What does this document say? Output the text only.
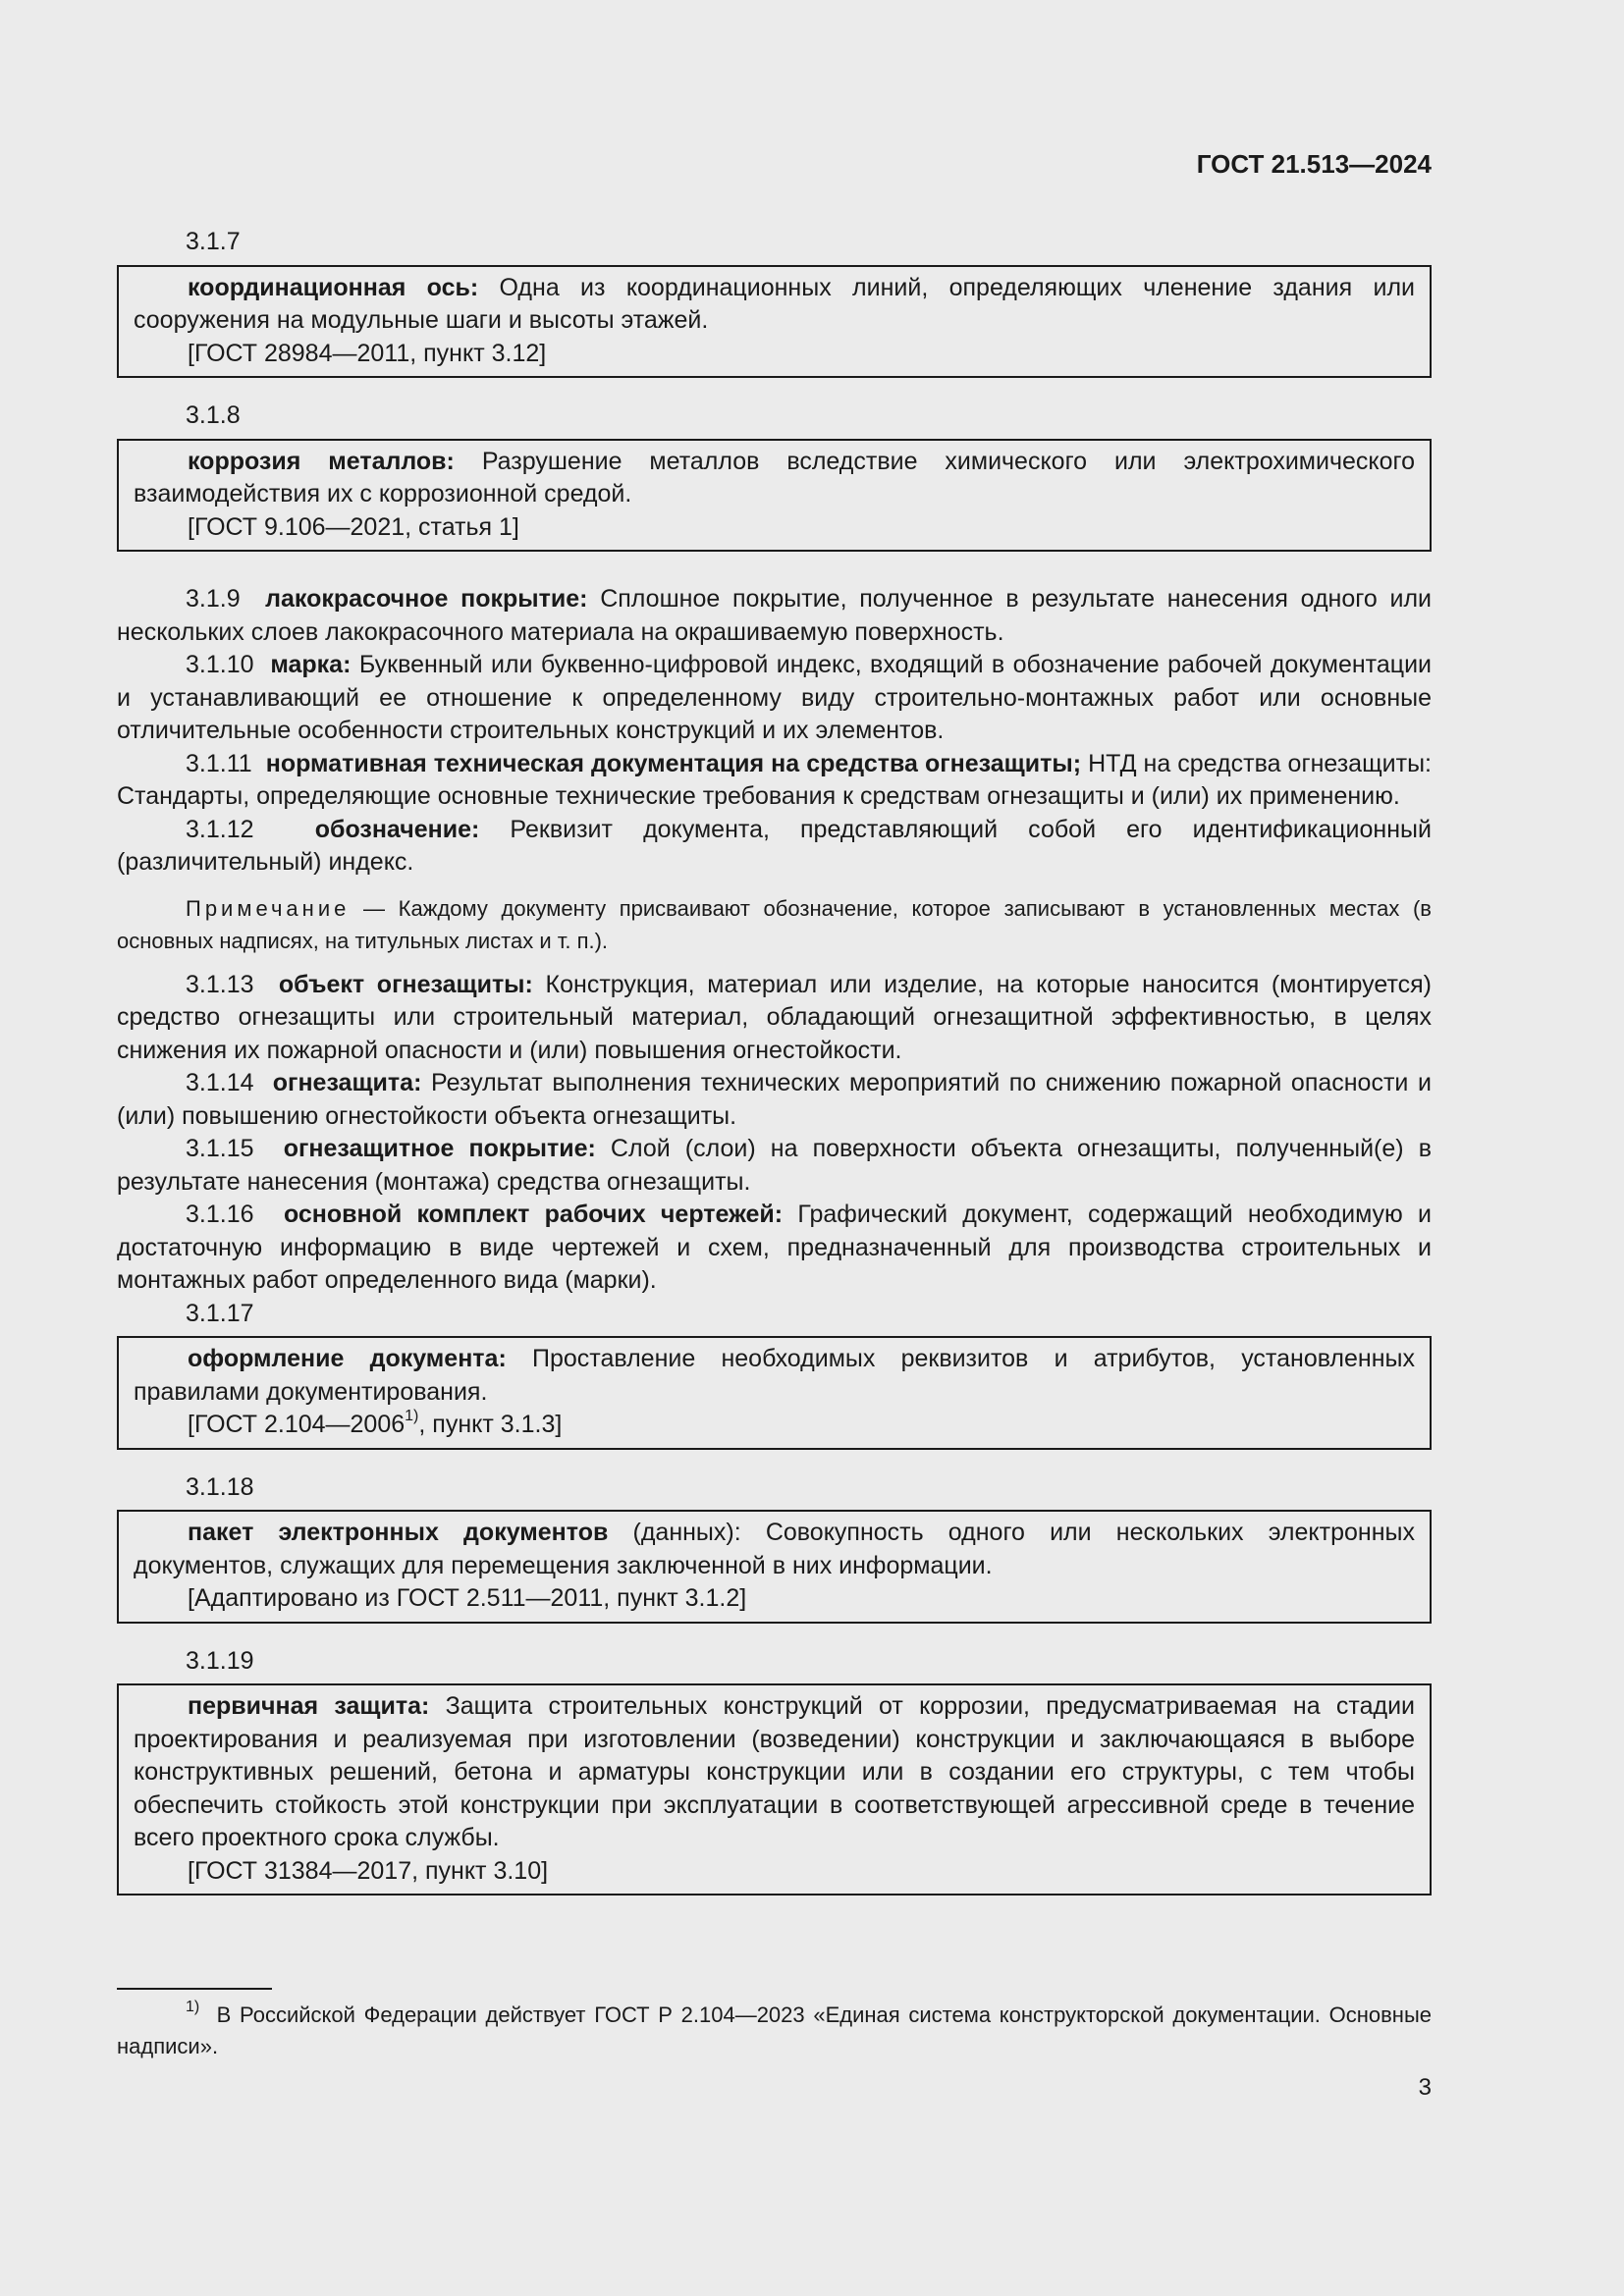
ГОСТ 21.513—2024
3.1.7
координационная ось: Одна из координационных линий, определяющих членение здания или сооружения на модульные шаги и высоты этажей.
[ГОСТ 28984—2011, пункт 3.12]
3.1.8
коррозия металлов: Разрушение металлов вследствие химического или электрохимического взаимодействия их с коррозионной средой.
[ГОСТ 9.106—2021, статья 1]
3.1.9 лакокрасочное покрытие: Сплошное покрытие, полученное в результате нанесения одного или нескольких слоев лакокрасочного материала на окрашиваемую поверхность.
3.1.10 марка: Буквенный или буквенно-цифровой индекс, входящий в обозначение рабочей документации и устанавливающий ее отношение к определенному виду строительно-монтажных работ или основные отличительные особенности строительных конструкций и их элементов.
3.1.11 нормативная техническая документация на средства огнезащиты; НТД на средства огнезащиты: Стандарты, определяющие основные технические требования к средствам огнезащиты и (или) их применению.
3.1.12 обозначение: Реквизит документа, представляющий собой его идентификационный (различительный) индекс.
Примечание — Каждому документу присваивают обозначение, которое записывают в установленных местах (в основных надписях, на титульных листах и т. п.).
3.1.13 объект огнезащиты: Конструкция, материал или изделие, на которые наносится (монтируется) средство огнезащиты или строительный материал, обладающий огнезащитной эффективностью, в целях снижения их пожарной опасности и (или) повышения огнестойкости.
3.1.14 огнезащита: Результат выполнения технических мероприятий по снижению пожарной опасности и (или) повышению огнестойкости объекта огнезащиты.
3.1.15 огнезащитное покрытие: Слой (слои) на поверхности объекта огнезащиты, полученный(е) в результате нанесения (монтажа) средства огнезащиты.
3.1.16 основной комплект рабочих чертежей: Графический документ, содержащий необходимую и достаточную информацию в виде чертежей и схем, предназначенный для производства строительных и монтажных работ определенного вида (марки).
3.1.17
оформление документа: Проставление необходимых реквизитов и атрибутов, установленных правилами документирования.
[ГОСТ 2.104—2006$^{1)}$, пункт 3.1.3]
3.1.18
пакет электронных документов (данных): Совокупность одного или нескольких электронных документов, служащих для перемещения заключенной в них информации.
[Адаптировано из ГОСТ 2.511—2011, пункт 3.1.2]
3.1.19
первичная защита: Защита строительных конструкций от коррозии, предусматриваемая на стадии проектирования и реализуемая при изготовлении (возведении) конструкции и заключающаяся в выборе конструктивных решений, бетона и арматуры конструкции или в создании его структуры, с тем чтобы обеспечить стойкость этой конструкции при эксплуатации в соответствующей агрессивной среде в течение всего проектного срока службы.
[ГОСТ 31384—2017, пункт 3.10]
$^{1)}$ В Российской Федерации действует ГОСТ Р 2.104—2023 «Единая система конструкторской документации. Основные надписи».
3
